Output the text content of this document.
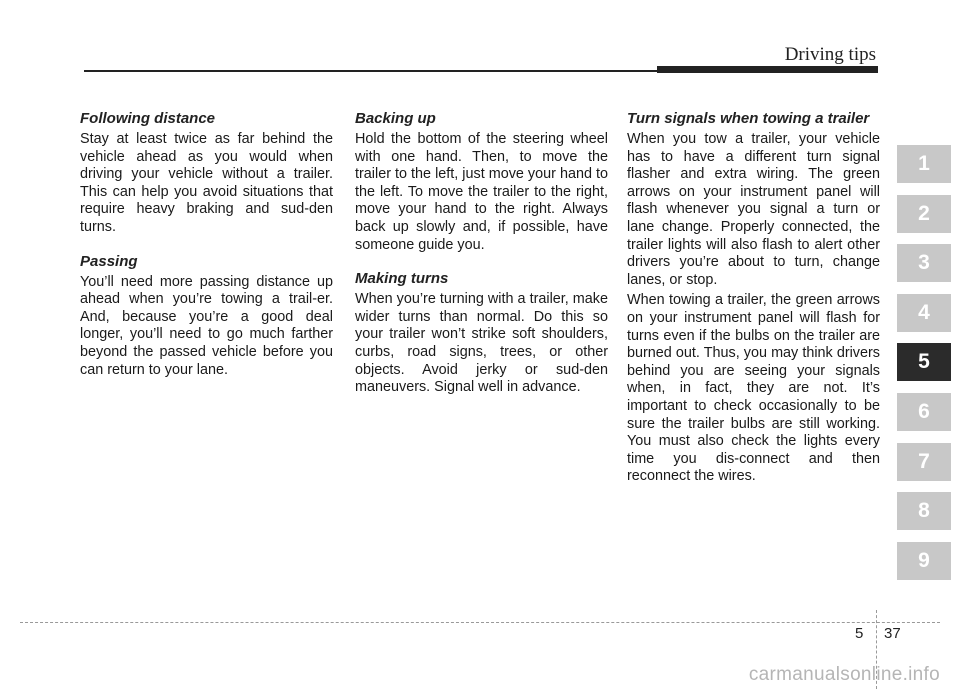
Driving tips
Following distance

Stay at least twice as far behind the vehicle ahead as you would when driving your vehicle without a trailer. This can help you avoid situations that require heavy braking and sud-den turns.

Passing

You’ll need more passing distance up ahead when you’re towing a trail-er. And, because you’re a good deal longer, you’ll need to go much farther beyond the passed vehicle before you can return to your lane.

Backing up

Hold the bottom of the steering wheel with one hand. Then, to move the trailer to the left, just move your hand to the left. To move the trailer to the right, move your hand to the right. Always back up slowly and, if possible, have someone guide you.

Making turns

When you’re turning with a trailer, make wider turns than normal. Do this so your trailer won’t strike soft shoulders, curbs, road signs, trees, or other objects. Avoid jerky or sud-den maneuvers. Signal well in advance.

Turn signals when towing a trailer

When you tow a trailer, your vehicle has to have a different turn signal flasher and extra wiring. The green arrows on your instrument panel will flash whenever you signal a turn or lane change. Properly connected, the trailer lights will also flash to alert other drivers you’re about to turn, change lanes, or stop.

When towing a trailer, the green arrows on your instrument panel will flash for turns even if the bulbs on the trailer are burned out. Thus, you may think drivers behind you are seeing your signals when, in fact, they are not. It’s important to check occasionally to be sure the trailer bulbs are still working. You must also check the lights every time you dis-connect and then reconnect the wires.

1
2
3
4
5
6
7
8
9
5 37
carmanualsonline.info
